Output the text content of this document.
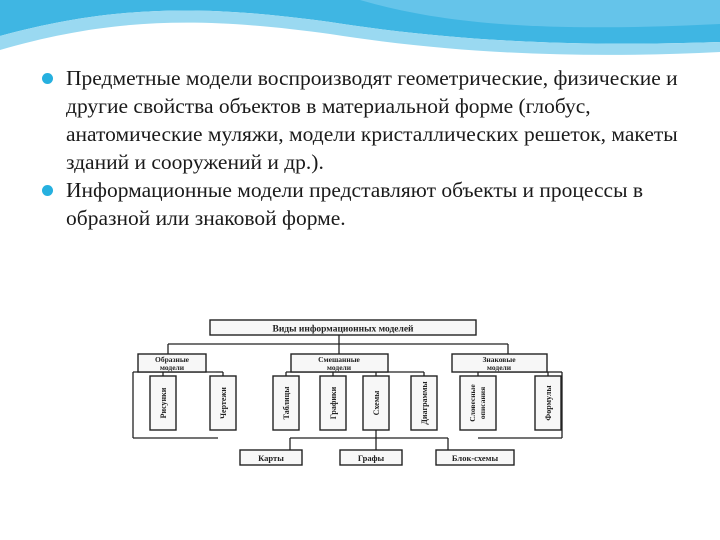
Предметные модели воспроизводят геометрические, физические и другие свойства объектов в материальной форме (глобус, анатомические муляжи, модели кристаллических решеток, макеты зданий и сооружений и др.).
Информационные модели представляют объекты и процессы в образной или знаковой форме.
Виды информационных моделей
Образные
модели
Смешанные
модели
Знаковые
модели
Рисунки	Чертежи	Таблицы	Графики	Схемы	Диаграммы	Словесные описания	Формулы
Карты	Графы	Блок-схемы
